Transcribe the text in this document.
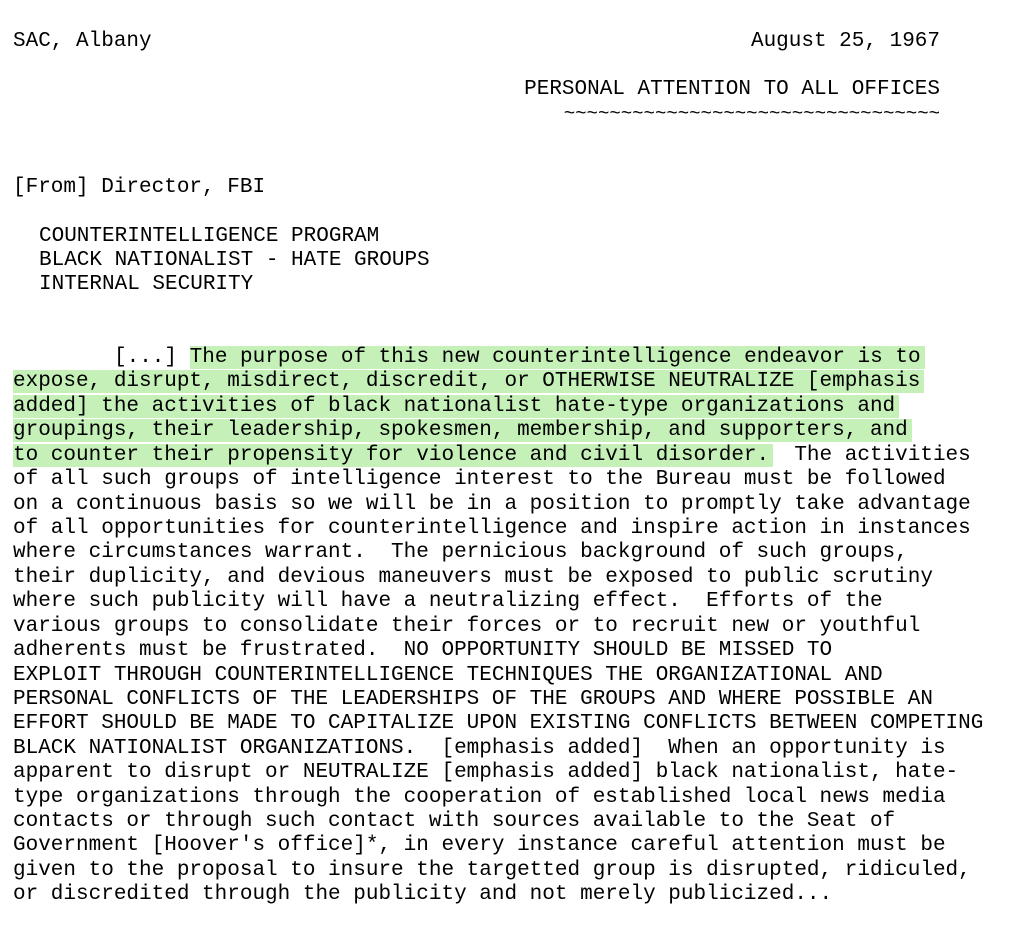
SAC, Albany	August 25, 1967
PERSONAL ATTENTION TO ALL OFFICES
~~~~~~~~~~~~~~~~~~~~~~~~~~~~~~~~~
[From] Director, FBI
COUNTERINTELLIGENCE PROGRAM
BLACK NATIONALIST - HATE GROUPS
INTERNAL SECURITY
[...] The purpose of this new counterintelligence endeavor is to
expose, disrupt, misdirect, discredit, or OTHERWISE NEUTRALIZE [emphasis
added] the activities of black nationalist hate-type organizations and
groupings, their leadership, spokesmen, membership, and supporters, and
to counter their propensity for violence and civil disorder.  The activities
of all such groups of intelligence interest to the Bureau must be followed
on a continuous basis so we will be in a position to promptly take advantage
of all opportunities for counterintelligence and inspire action in instances
where circumstances warrant.  The pernicious background of such groups,
their duplicity, and devious maneuvers must be exposed to public scrutiny
where such publicity will have a neutralizing effect.  Efforts of the
various groups to consolidate their forces or to recruit new or youthful
adherents must be frustrated.  NO OPPORTUNITY SHOULD BE MISSED TO
EXPLOIT THROUGH COUNTERINTELLIGENCE TECHNIQUES THE ORGANIZATIONAL AND
PERSONAL CONFLICTS OF THE LEADERSHIPS OF THE GROUPS AND WHERE POSSIBLE AN
EFFORT SHOULD BE MADE TO CAPITALIZE UPON EXISTING CONFLICTS BETWEEN COMPETING
BLACK NATIONALIST ORGANIZATIONS.  [emphasis added]  When an opportunity is
apparent to disrupt or NEUTRALIZE [emphasis added] black nationalist, hate-
type organizations through the cooperation of established local news media
contacts or through such contact with sources available to the Seat of
Government [Hoover's office]*, in every instance careful attention must be
given to the proposal to insure the targetted group is disrupted, ridiculed,
or discredited through the publicity and not merely publicized...
